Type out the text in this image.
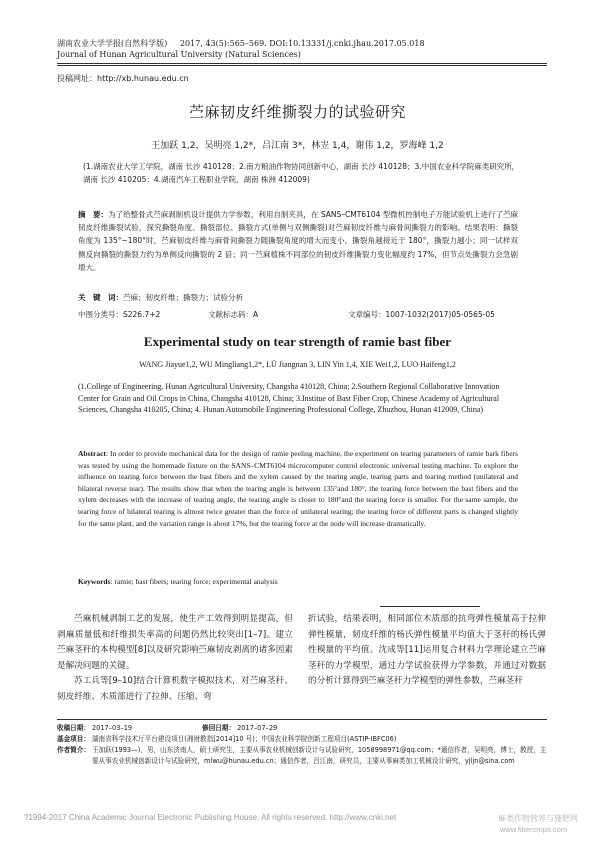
湖南农业大学学报(自然科学版) 2017, 43(5):565–569. DOI:10.13331/j.cnki.jhau.2017.05.018
Journal of Hunan Agricultural University (Natural Sciences)
投稿网址：http://xb.hunau.edu.cn
苎麻韧皮纤维撕裂力的试验研究
王加跃 1,2，吴明亮 1,2*，吕江南 3*，林岦 1,4，谢伟 1,2，罗海峰 1,2
(1.湖南农业大学工学院，湖南 长沙 410128；2.南方粮油作物协同创新中心，湖南 长沙 410128；3.中国农业科学院麻类研究所，湖南 长沙 410205；4.湖南汽车工程职业学院，湖南 株洲 412009)
摘　要：为了给整骨式苎麻剥制机设计提供力学参数，利用自制夹具，在 SANS–CMT6104 型微机控制电子万能试验机上进行了苎麻韧皮纤维撕裂试验，探究撕裂角度、撕裂部位、撕裂方式(单侧与双侧撕裂)对苎麻韧皮纤维与麻骨间撕裂力的影响。结果表明：撕裂角度为 135°~180°时，苎麻韧皮纤维与麻骨间撕裂力随撕裂角度的增大而变小，撕裂角越接近于 180°，撕裂力越小；同一试样双侧反向撕裂的撕裂力约为单侧反向撕裂的 2 倍；同一苎麻植株不同部位的韧皮纤维撕裂力变化幅度约 17%，但节点处撕裂力会急剧增大。
关　键　词：苎麻；韧皮纤维；撕裂力；试验分析
中图分类号：S226.7+2	文献标志码：A	文章编号：1007-1032(2017)05-0565-05
Experimental study on tear strength of ramie bast fiber
WANG Jiayue1,2, WU Mingliang1,2*, LÜ Jiangnan 3, LIN Yin 1,4, XIE Wei1,2, LUO Haifeng1,2
(1.College of Engineering, Hunan Agricultural University, Changsha 410128, China; 2.Southern Regional Collaborative Innovation Center for Grain and Oil Crops in China, Changsha 410128, China; 3.Institue of Bast Fiber Crop, Chinese Academy of Agricultural Sciences, Changsha 410205, China; 4. Hunan Automobile Engineering Professional College, Zhuzhou, Hunan 412009, China)
Abstract: In order to provide mechanical data for the design of ramie peeling machine, the experiment on tearing parameters of ramie bark fibers was tested by using the homemade fixture on the SANS–CMT6104 microcomputer control electronic universal testing machine. To explore the influence on tearing force between the bast fibers and the xylem caused by the tearing angle, tearing parts and tearing method (unilateral and bilateral reverse tear). The results show that when the tearing angle is between 135°and 180°, the tearing force between the bast fibers and the xylem decreases with the increase of tearing angle, the tearing angle is closer to 180°and the tearing force is smaller. For the same sample, the tearing force of bilateral tearing is almost twice greater than the force of unilateral tearing; the tearing force of different parts is changed slightly for the same plant, and the variation range is about 17%, but the tearing force at the node will increase dramatically.
Keywords: ramie; bast fibers; tearing force; experimental analysis

苎麻机械剥制工艺的发展，使生产工效得到明显提高，但剥麻质量低和纤维损失率高的问题仍然比较突出[1–7]。建立苎麻茎秆的本构模型[8]以及研究影响苎麻韧皮剥离的诸多因素是解决问题的关键。

苏工兵等[9–10]结合计算机数字模拟技术，对苎麻茎秆、韧皮纤维、木质部进行了拉伸、压缩、弯

折试验，结果表明，相同部位木质部的抗弯弹性模量高于拉伸弹性模量，韧皮纤维的杨氏弹性模量平均值大于茎秆的杨氏弹性模量的平均值。沈成等[11]运用复合材料力学理论建立苎麻茎秆的力学模型，通过力学试验获得力学参数，并通过对数据的分析计算得到苎麻茎秆力学模型的弹性参数，苎麻茎秆

收稿日期： 2017–03–19	修回日期： 2017–07–29
基金项目： 湖南省科学技术厅平台建设项目(湘财教指[2014]10 号)；中国农业科学院创新工程项目(ASTIP-IBFC06)
作者简介： 王加跃(1993—)，男，山东济南人，硕士研究生，主要从事农业机械创新设计与试验研究，1058998971@qq.com；*通信作者，吴明亮，博士，教授，主要从事农业机械创新设计与试验研究，mlwu@hunau.edu.cn；通信作者，吕江南，研究员，主要从事麻类加工机械设计研究，yjljn@sina.com
?1994-2017 China Academic Journal Electronic Publishing House. All rights reserved. http://www.cnki.net	麻类作物营养与施肥网
www.fibercrops.com
